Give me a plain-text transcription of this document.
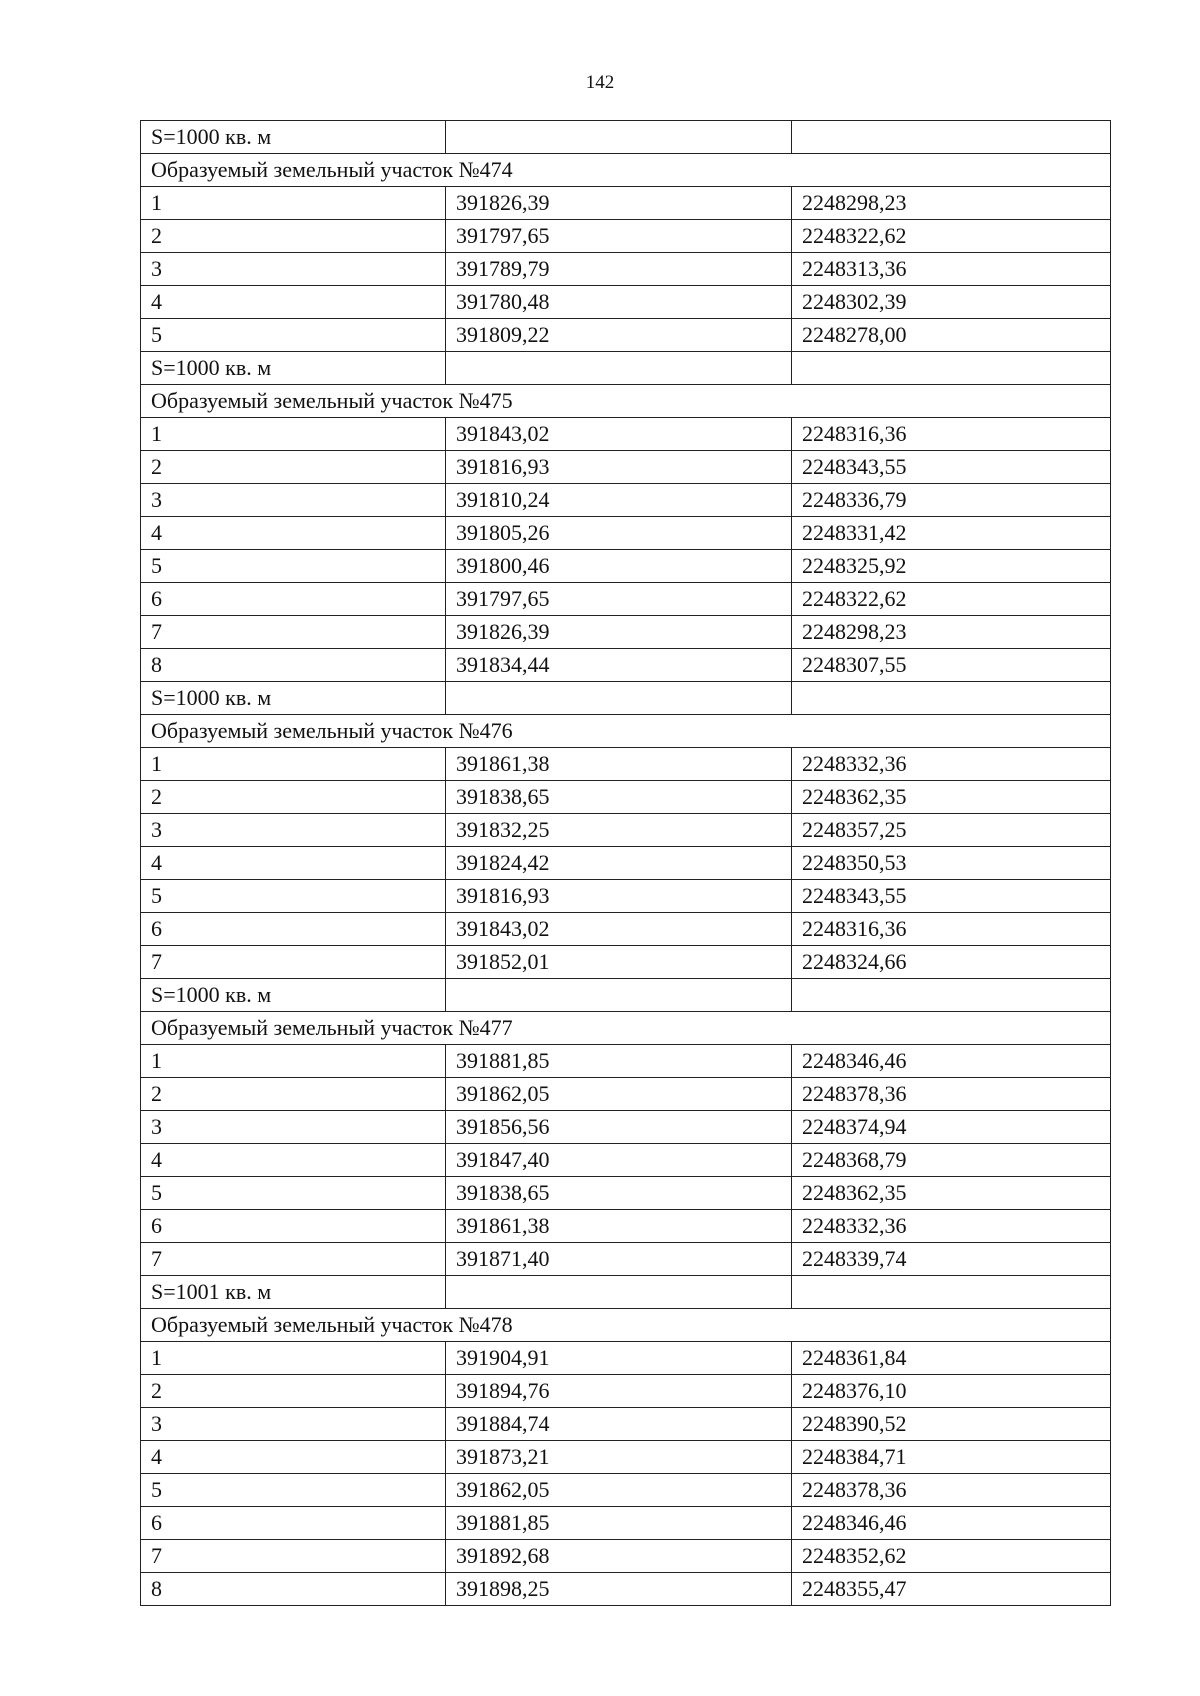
142
S=1000 кв. м		
Образуемый земельный участок №474		
1	391826,39	2248298,23
2	391797,65	2248322,62
3	391789,79	2248313,36
4	391780,48	2248302,39
5	391809,22	2248278,00
S=1000 кв. м		
Образуемый земельный участок №475		
1	391843,02	2248316,36
2	391816,93	2248343,55
3	391810,24	2248336,79
4	391805,26	2248331,42
5	391800,46	2248325,92
6	391797,65	2248322,62
7	391826,39	2248298,23
8	391834,44	2248307,55
S=1000 кв. м		
Образуемый земельный участок №476		
1	391861,38	2248332,36
2	391838,65	2248362,35
3	391832,25	2248357,25
4	391824,42	2248350,53
5	391816,93	2248343,55
6	391843,02	2248316,36
7	391852,01	2248324,66
S=1000 кв. м		
Образуемый земельный участок №477		
1	391881,85	2248346,46
2	391862,05	2248378,36
3	391856,56	2248374,94
4	391847,40	2248368,79
5	391838,65	2248362,35
6	391861,38	2248332,36
7	391871,40	2248339,74
S=1001 кв. м		
Образуемый земельный участок №478		
1	391904,91	2248361,84
2	391894,76	2248376,10
3	391884,74	2248390,52
4	391873,21	2248384,71
5	391862,05	2248378,36
6	391881,85	2248346,46
7	391892,68	2248352,62
8	391898,25	2248355,47
